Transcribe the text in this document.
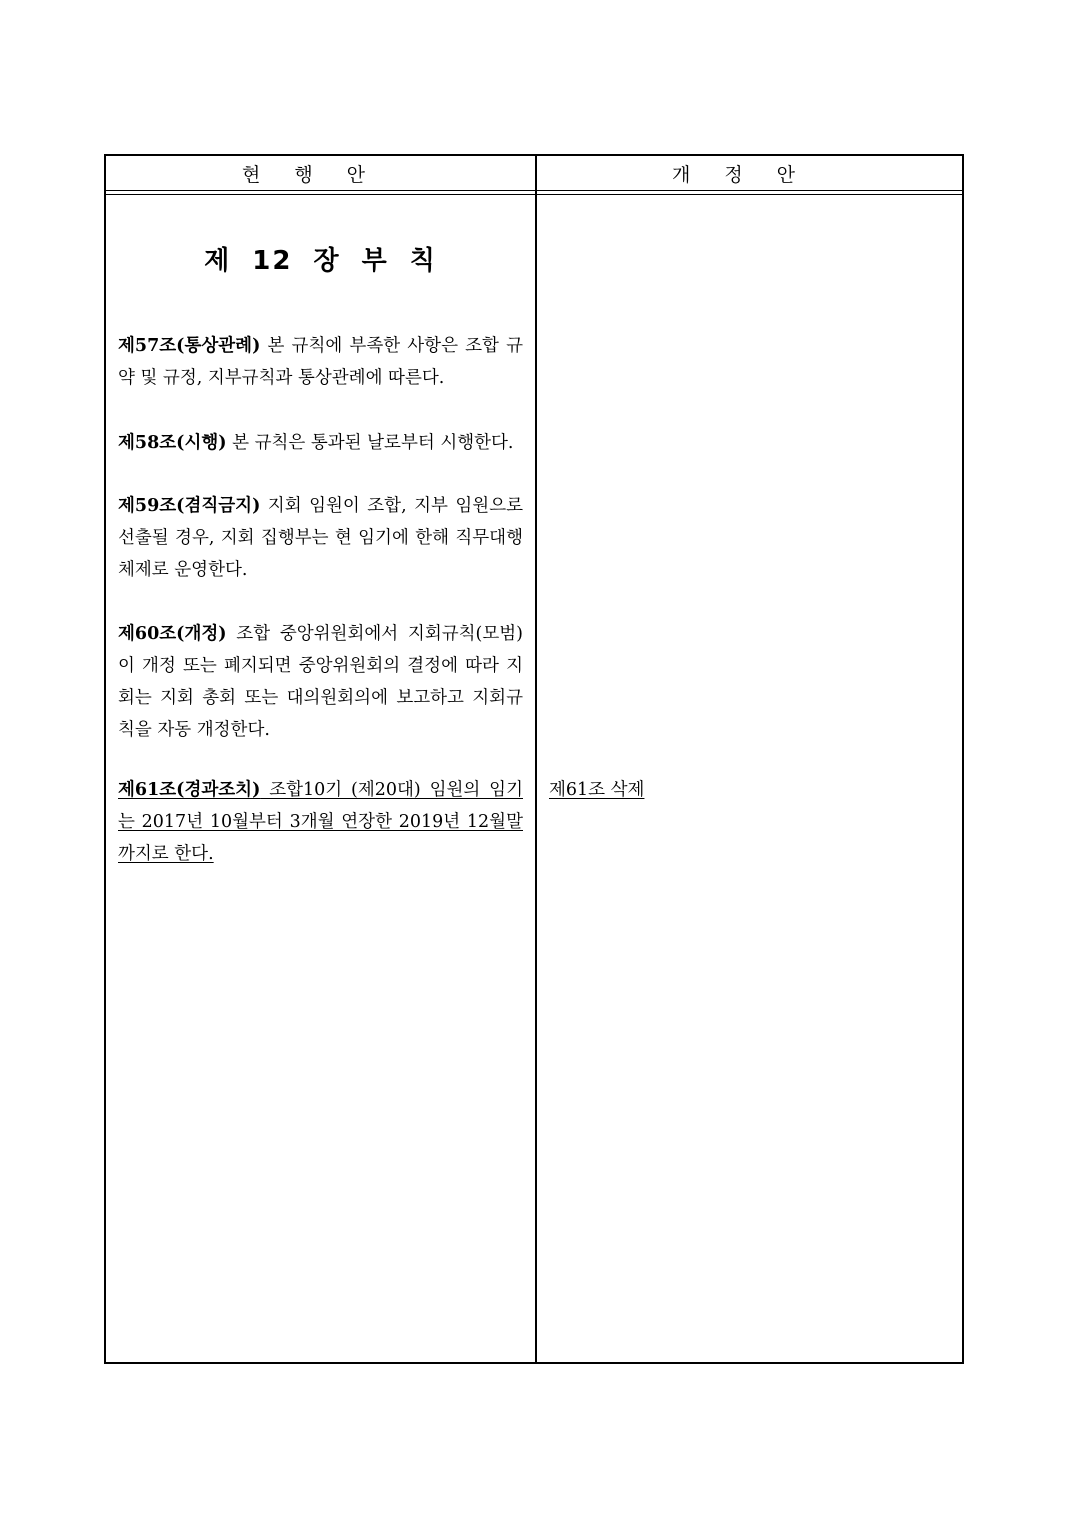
현행안	개정안
제 12 장 부 칙
제57조(통상관례) 본 규칙에 부족한 사항은 조합 규약 및 규정, 지부규칙과 통상관례에 따른다.
제58조(시행) 본 규칙은 통과된 날로부터 시행한다.
제59조(겸직금지) 지회 임원이 조합, 지부 임원으로 선출될 경우, 지회 집행부는 현 임기에 한해 직무대행 체제로 운영한다.
제60조(개정) 조합 중앙위원회에서 지회규칙(모범)이 개정 또는 폐지되면 중앙위원회의 결정에 따라 지회는 지회 총회 또는 대의원회의에 보고하고 지회규칙을 자동 개정한다.
제61조(경과조치) 조합10기 (제20대) 임원의 임기는 2017년 10월부터 3개월 연장한 2019년 12월말까지로 한다.
제61조 삭제
